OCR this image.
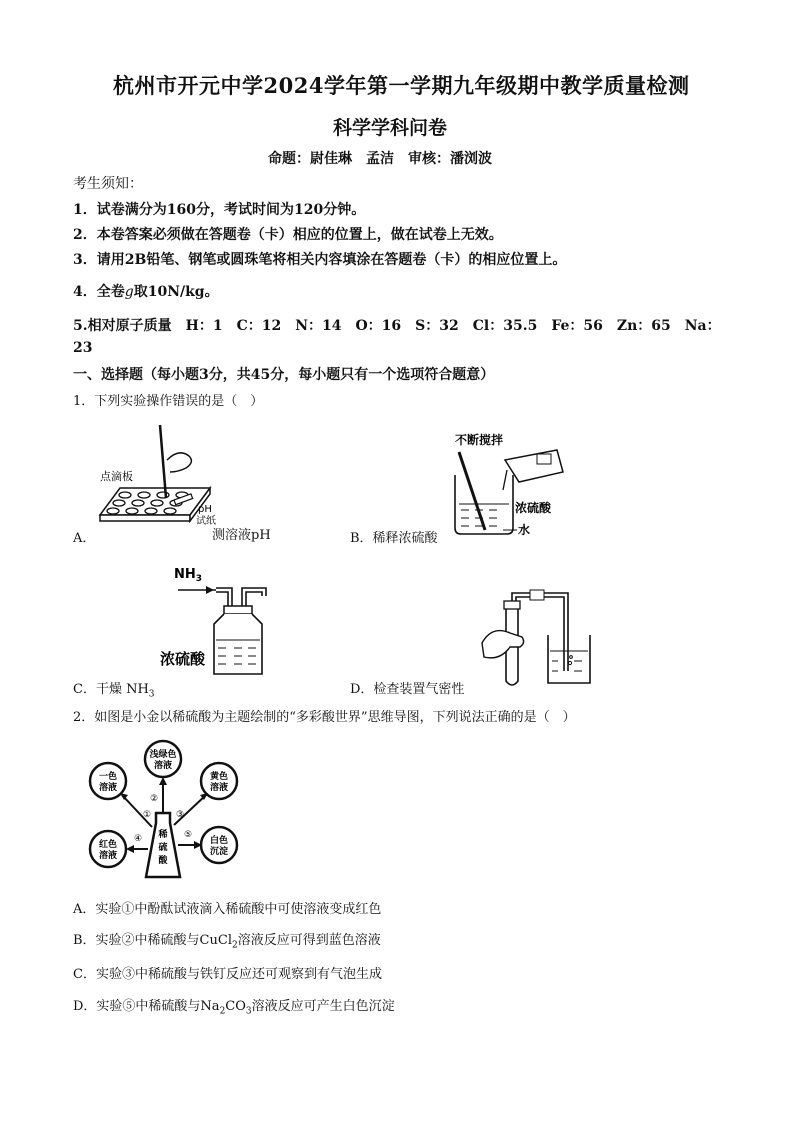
杭州市开元中学2024学年第一学期九年级期中教学质量检测
科学学科问卷
命题：尉佳琳　孟洁　审核：潘浏波
考生须知：
1．试卷满分为160分，考试时间为120分钟。
2．本卷答案必须做在答题卷（卡）相应的位置上，做在试卷上无效。
3．请用2B铅笔、钢笔或圆珠笔将相关内容填涂在答题卷（卡）的相应位置上。
4．全卷g取10N/kg。
5.相对原子质量　H：1　C：12　N：14　O：16　S：32　Cl：35.5　Fe：56　Zn：65　Na：
23
一、选择题（每小题3分，共45分，每小题只有一个选项符合题意）
1．下列实验操作错误的是（　）
点滴板
pH
试纸
A．	测溶液pH
不断搅拌
浓硫酸
水
B．稀释浓硫酸
$NH_3$
浓硫酸
C．干燥 $NH_3$	D．检查装置气密性
2．如图是小金以稀硫酸为主题绘制的“多彩酸世界”思维导图，下列说法正确的是（　）
一色
溶液
浅绿色
溶液
黄色
溶液
红色
溶液
白色
沉淀
稀
硫
酸
①
②
③
④	⑤
A．实验①中酚酞试液滴入稀硫酸中可使溶液变成红色
B．实验②中稀硫酸与CuCl$_2$溶液反应可得到蓝色溶液
C．实验③中稀硫酸与铁钉反应还可观察到有气泡生成
D．实验⑤中稀硫酸与$Na_2CO_3$溶液反应可产生白色沉淀
